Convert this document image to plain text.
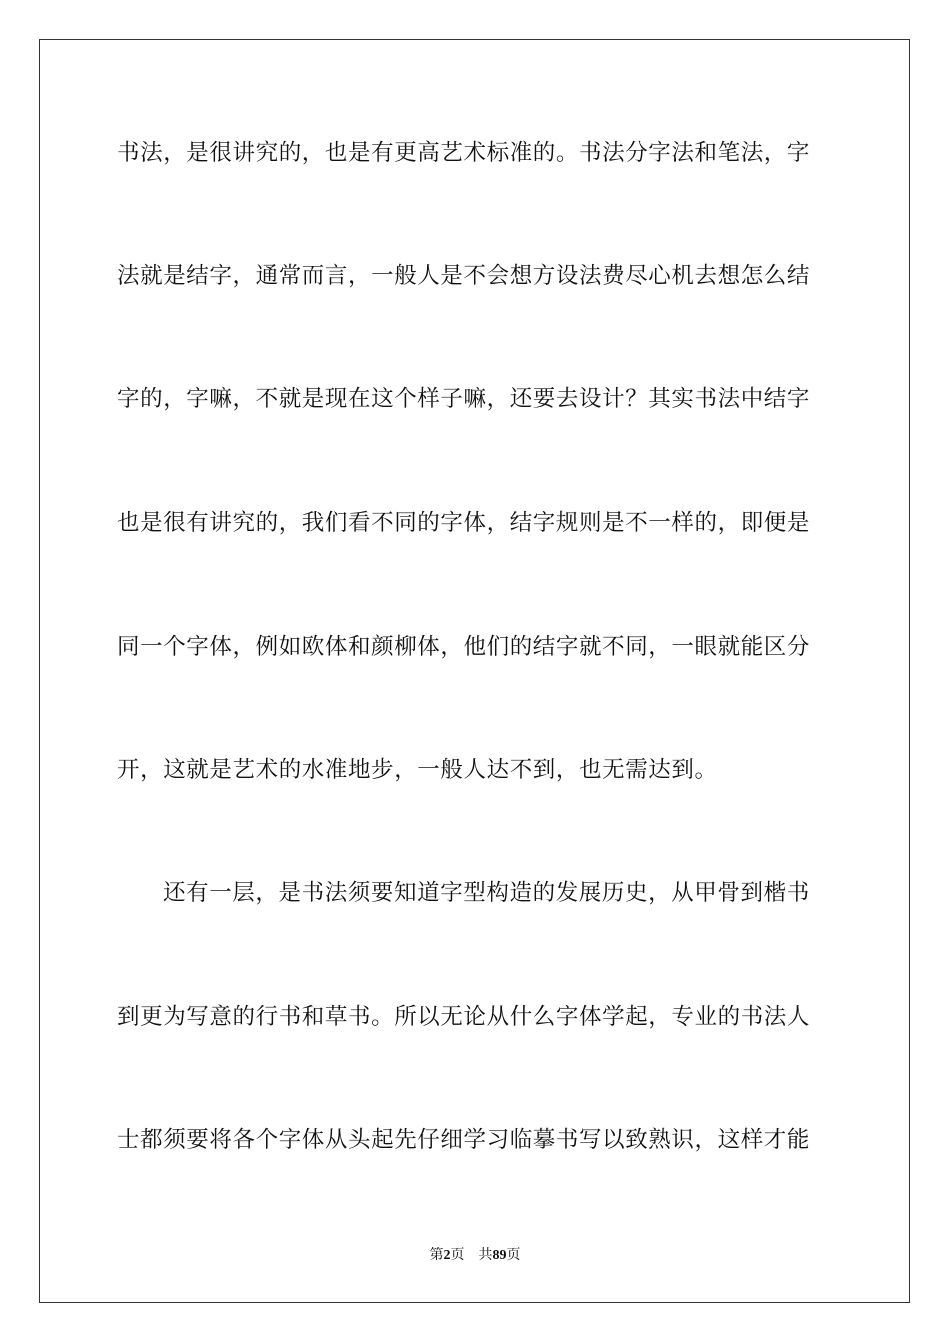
书法，是很讲究的，也是有更高艺术标准的。书法分字法和笔法，字
法就是结字，通常而言，一般人是不会想方设法费尽心机去想怎么结
字的，字嘛，不就是现在这个样子嘛，还要去设计？其实书法中结字
也是很有讲究的，我们看不同的字体，结字规则是不一样的，即便是
同一个字体，例如欧体和颜柳体，他们的结字就不同，一眼就能区分
开，这就是艺术的水准地步，一般人达不到，也无需达到。
还有一层，是书法须要知道字型构造的发展历史，从甲骨到楷书
到更为写意的行书和草书。所以无论从什么字体学起，专业的书法人
士都须要将各个字体从头起先仔细学习临摹书写以致熟识，这样才能
第2页 共89页
